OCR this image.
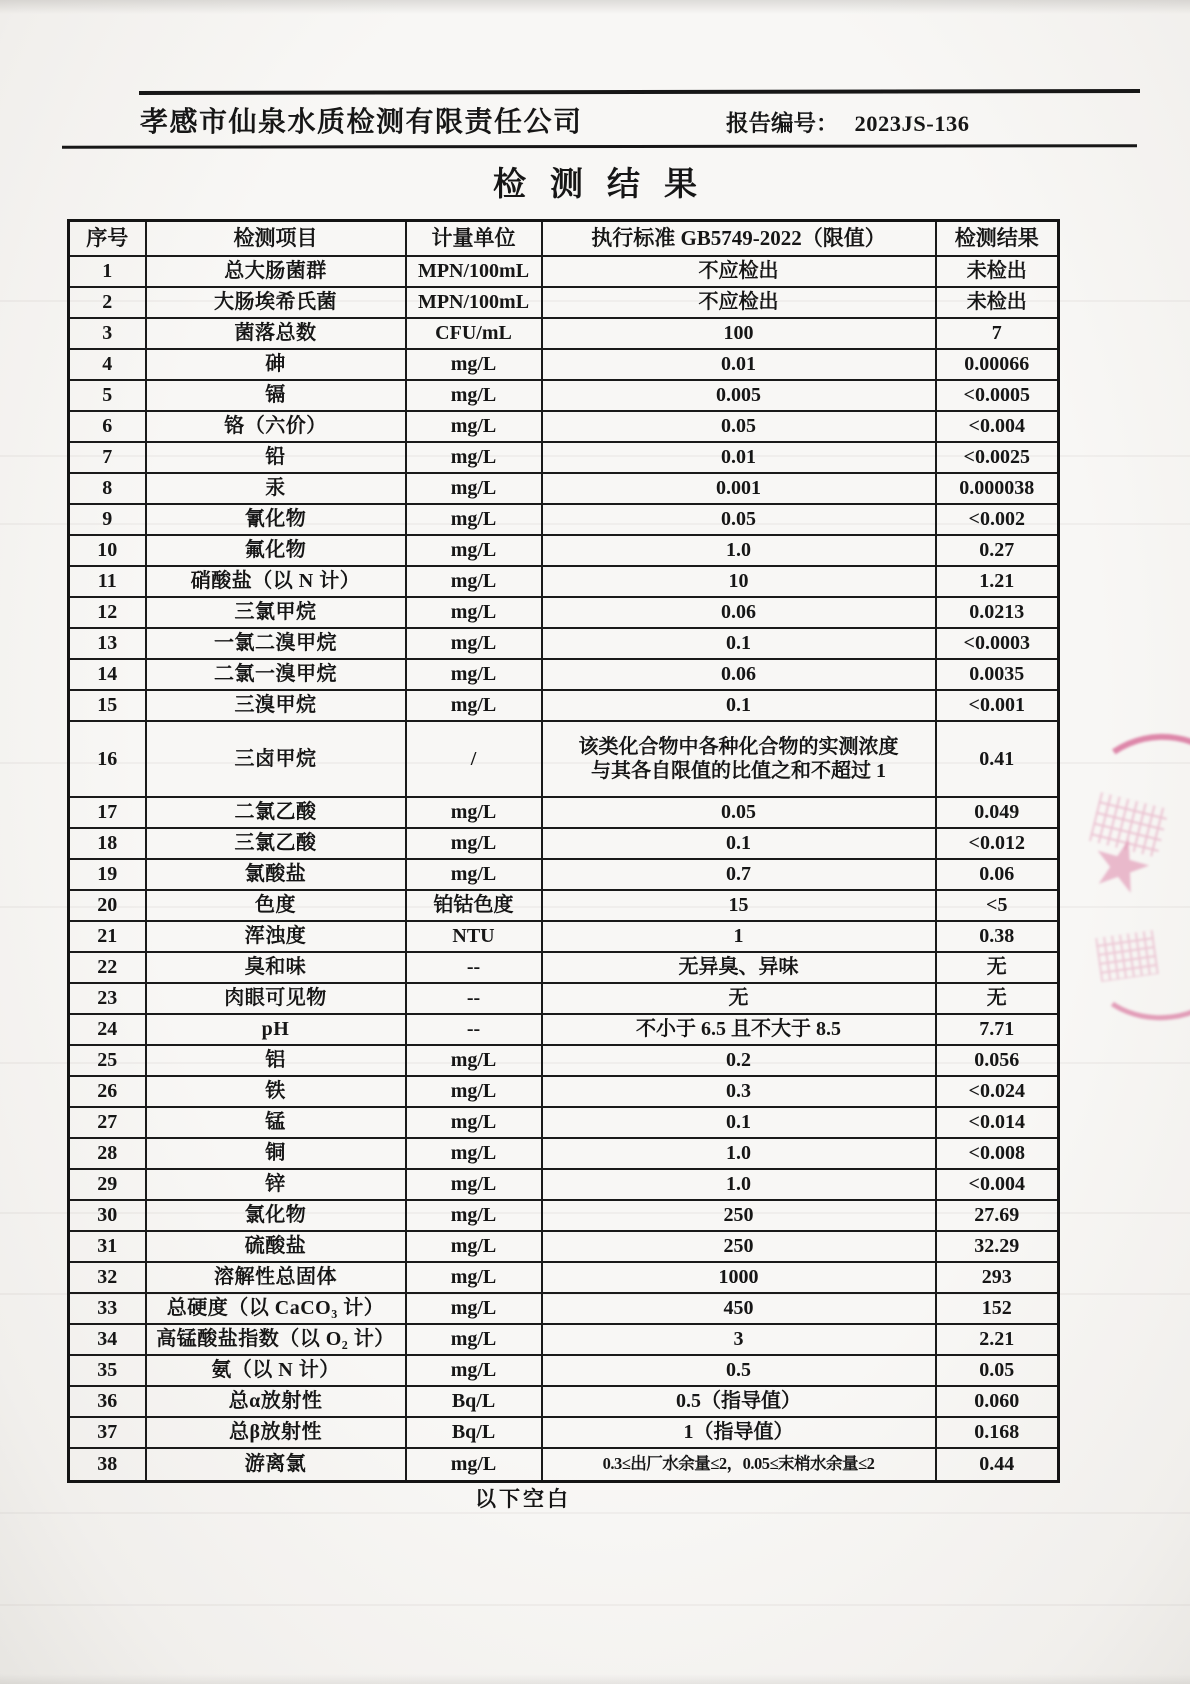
孝感市仙泉水质检测有限责任公司	报告编号： 2023JS-136
检测结果
序号	检测项目	计量单位	执行标准 GB5749-2022（限值）	检测结果
1	总大肠菌群	MPN/100mL	不应检出	未检出
2	大肠埃希氏菌	MPN/100mL	不应检出	未检出
3	菌落总数	CFU/mL	100	7
4	砷	mg/L	0.01	0.00066
5	镉	mg/L	0.005	<0.0005
6	铬（六价）	mg/L	0.05	<0.004
7	铅	mg/L	0.01	<0.0025
8	汞	mg/L	0.001	0.000038
9	氰化物	mg/L	0.05	<0.002
10	氟化物	mg/L	1.0	0.27
11	硝酸盐（以 N 计）	mg/L	10	1.21
12	三氯甲烷	mg/L	0.06	0.0213
13	一氯二溴甲烷	mg/L	0.1	<0.0003
14	二氯一溴甲烷	mg/L	0.06	0.0035
15	三溴甲烷	mg/L	0.1	<0.001
16	三卤甲烷	/	该类化合物中各种化合物的实测浓度与其各自限值的比值之和不超过 1	0.41
17	二氯乙酸	mg/L	0.05	0.049
18	三氯乙酸	mg/L	0.1	<0.012
19	氯酸盐	mg/L	0.7	0.06
20	色度	铂钴色度	15	<5
21	浑浊度	NTU	1	0.38
22	臭和味	--	无异臭、异味	无
23	肉眼可见物	--	无	无
24	pH	--	不小于 6.5 且不大于 8.5	7.71
25	铝	mg/L	0.2	0.056
26	铁	mg/L	0.3	<0.024
27	锰	mg/L	0.1	<0.014
28	铜	mg/L	1.0	<0.008
29	锌	mg/L	1.0	<0.004
30	氯化物	mg/L	250	27.69
31	硫酸盐	mg/L	250	32.29
32	溶解性总固体	mg/L	1000	293
33	总硬度（以 CaCO₃ 计）	mg/L	450	152
34	高锰酸盐指数（以 O₂ 计）	mg/L	3	2.21
35	氨（以 N 计）	mg/L	0.5	0.05
36	总α放射性	Bq/L	0.5（指导值）	0.060
37	总β放射性	Bq/L	1（指导值）	0.168
38	游离氯	mg/L	0.3≤出厂水余量≤2，0.05≤末梢水余量≤2	0.44
以下空白
★
